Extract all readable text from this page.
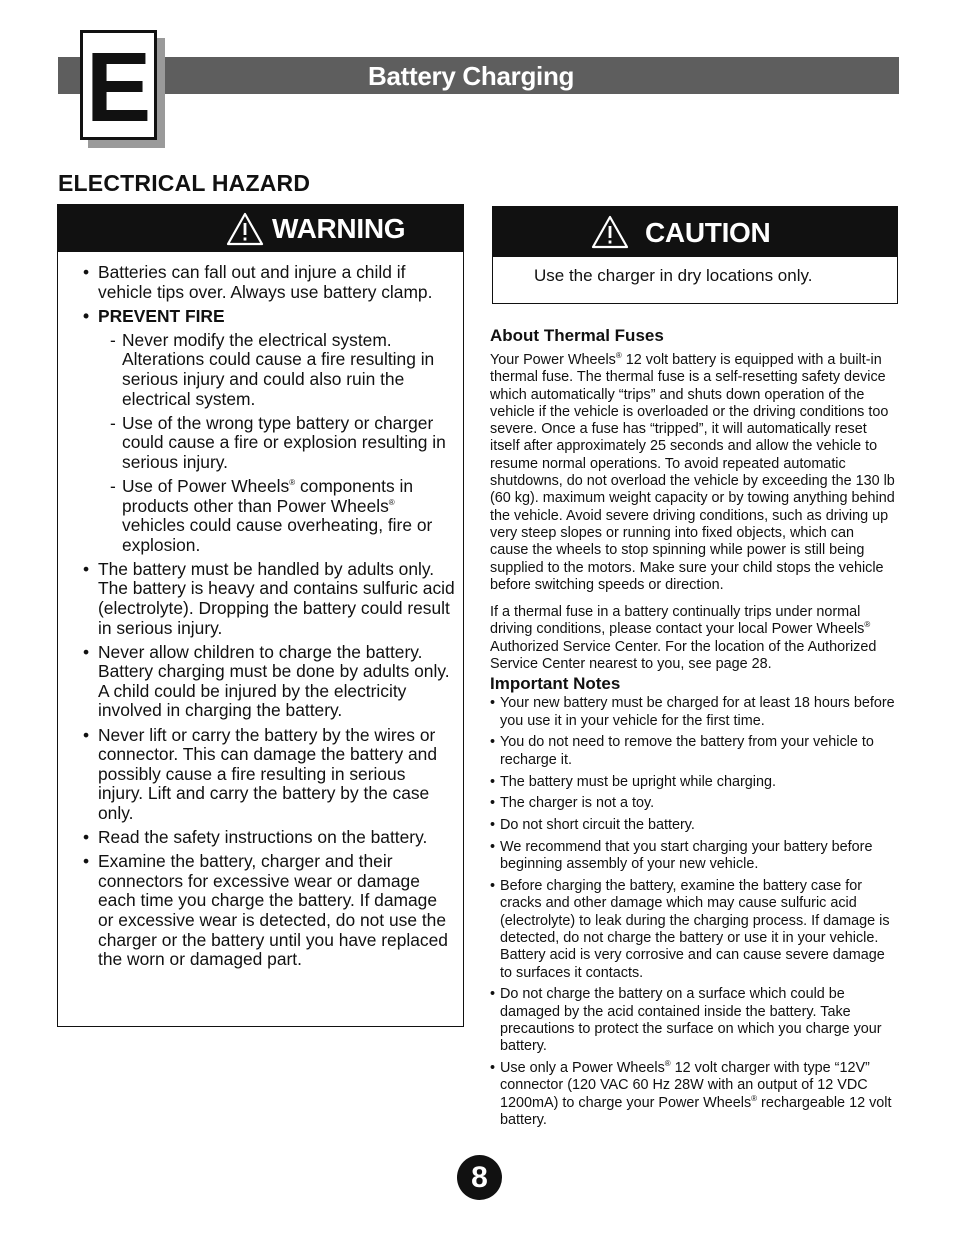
Battery Charging
E
ELECTRICAL HAZARD
WARNING
• Batteries can fall out and injure a child if vehicle tips over. Always use battery clamp.
• PREVENT FIRE
- Never modify the electrical system. Alterations could cause a fire resulting in serious injury and could also ruin the electrical system.
- Use of the wrong type battery or charger could cause a fire or explosion resulting in serious injury.
- Use of Power Wheels® components in products other than Power Wheels® vehicles could cause overheating, fire or explosion.
• The battery must be handled by adults only. The battery is heavy and contains sulfuric acid (electrolyte). Dropping the battery could result in serious injury.
• Never allow children to charge the battery. Battery charging must be done by adults only. A child could be injured by the electricity involved in charging the battery.
• Never lift or carry the battery by the wires or connector. This can damage the battery and possibly cause a fire resulting in serious injury. Lift and carry the battery by the case only.
• Read the safety instructions on the battery.
• Examine the battery, charger and their connectors for excessive wear or damage each time you charge the battery. If damage or excessive wear is detected, do not use the charger or the battery until you have replaced the worn or damaged part.
CAUTION
Use the charger in dry locations only.
About Thermal Fuses

Your Power Wheels® 12 volt battery is equipped with a built-in thermal fuse. The thermal fuse is a self-resetting safety device which automatically “trips” and shuts down operation of the vehicle if the vehicle is overloaded or the driving conditions too severe. Once a fuse has “tripped”, it will automatically reset itself after approximately 25 seconds and allow the vehicle to resume normal operations. To avoid repeated automatic shutdowns, do not overload the vehicle by exceeding the 130 lb (60 kg). maximum weight capacity or by towing anything behind the vehicle. Avoid severe driving conditions, such as driving up very steep slopes or running into fixed objects, which can cause the wheels to stop spinning while power is still being supplied to the motors. Make sure your child stops the vehicle before switching speeds or direction.

If a thermal fuse in a battery continually trips under normal driving conditions, please contact your local Power Wheels® Authorized Service Center. For the location of the Authorized Service Center nearest to you, see page 28.

Important Notes
• Your new battery must be charged for at least 18 hours before you use it in your vehicle for the first time.
• You do not need to remove the battery from your vehicle to recharge it.
• The battery must be upright while charging.
• The charger is not a toy.
• Do not short circuit the battery.
• We recommend that you start charging your battery before beginning assembly of your new vehicle.
• Before charging the battery, examine the battery case for cracks and other damage which may cause sulfuric acid (electrolyte) to leak during the charging process. If damage is detected, do not charge the battery or use it in your vehicle. Battery acid is very corrosive and can cause severe damage to surfaces it contacts.
• Do not charge the battery on a surface which could be damaged by the acid contained inside the battery. Take precautions to protect the surface on which you charge your battery.
• Use only a Power Wheels® 12 volt charger with type “12V” connector (120 VAC 60 Hz 28W with an output of 12 VDC 1200mA) to charge your Power Wheels® rechargeable 12 volt battery.
8
